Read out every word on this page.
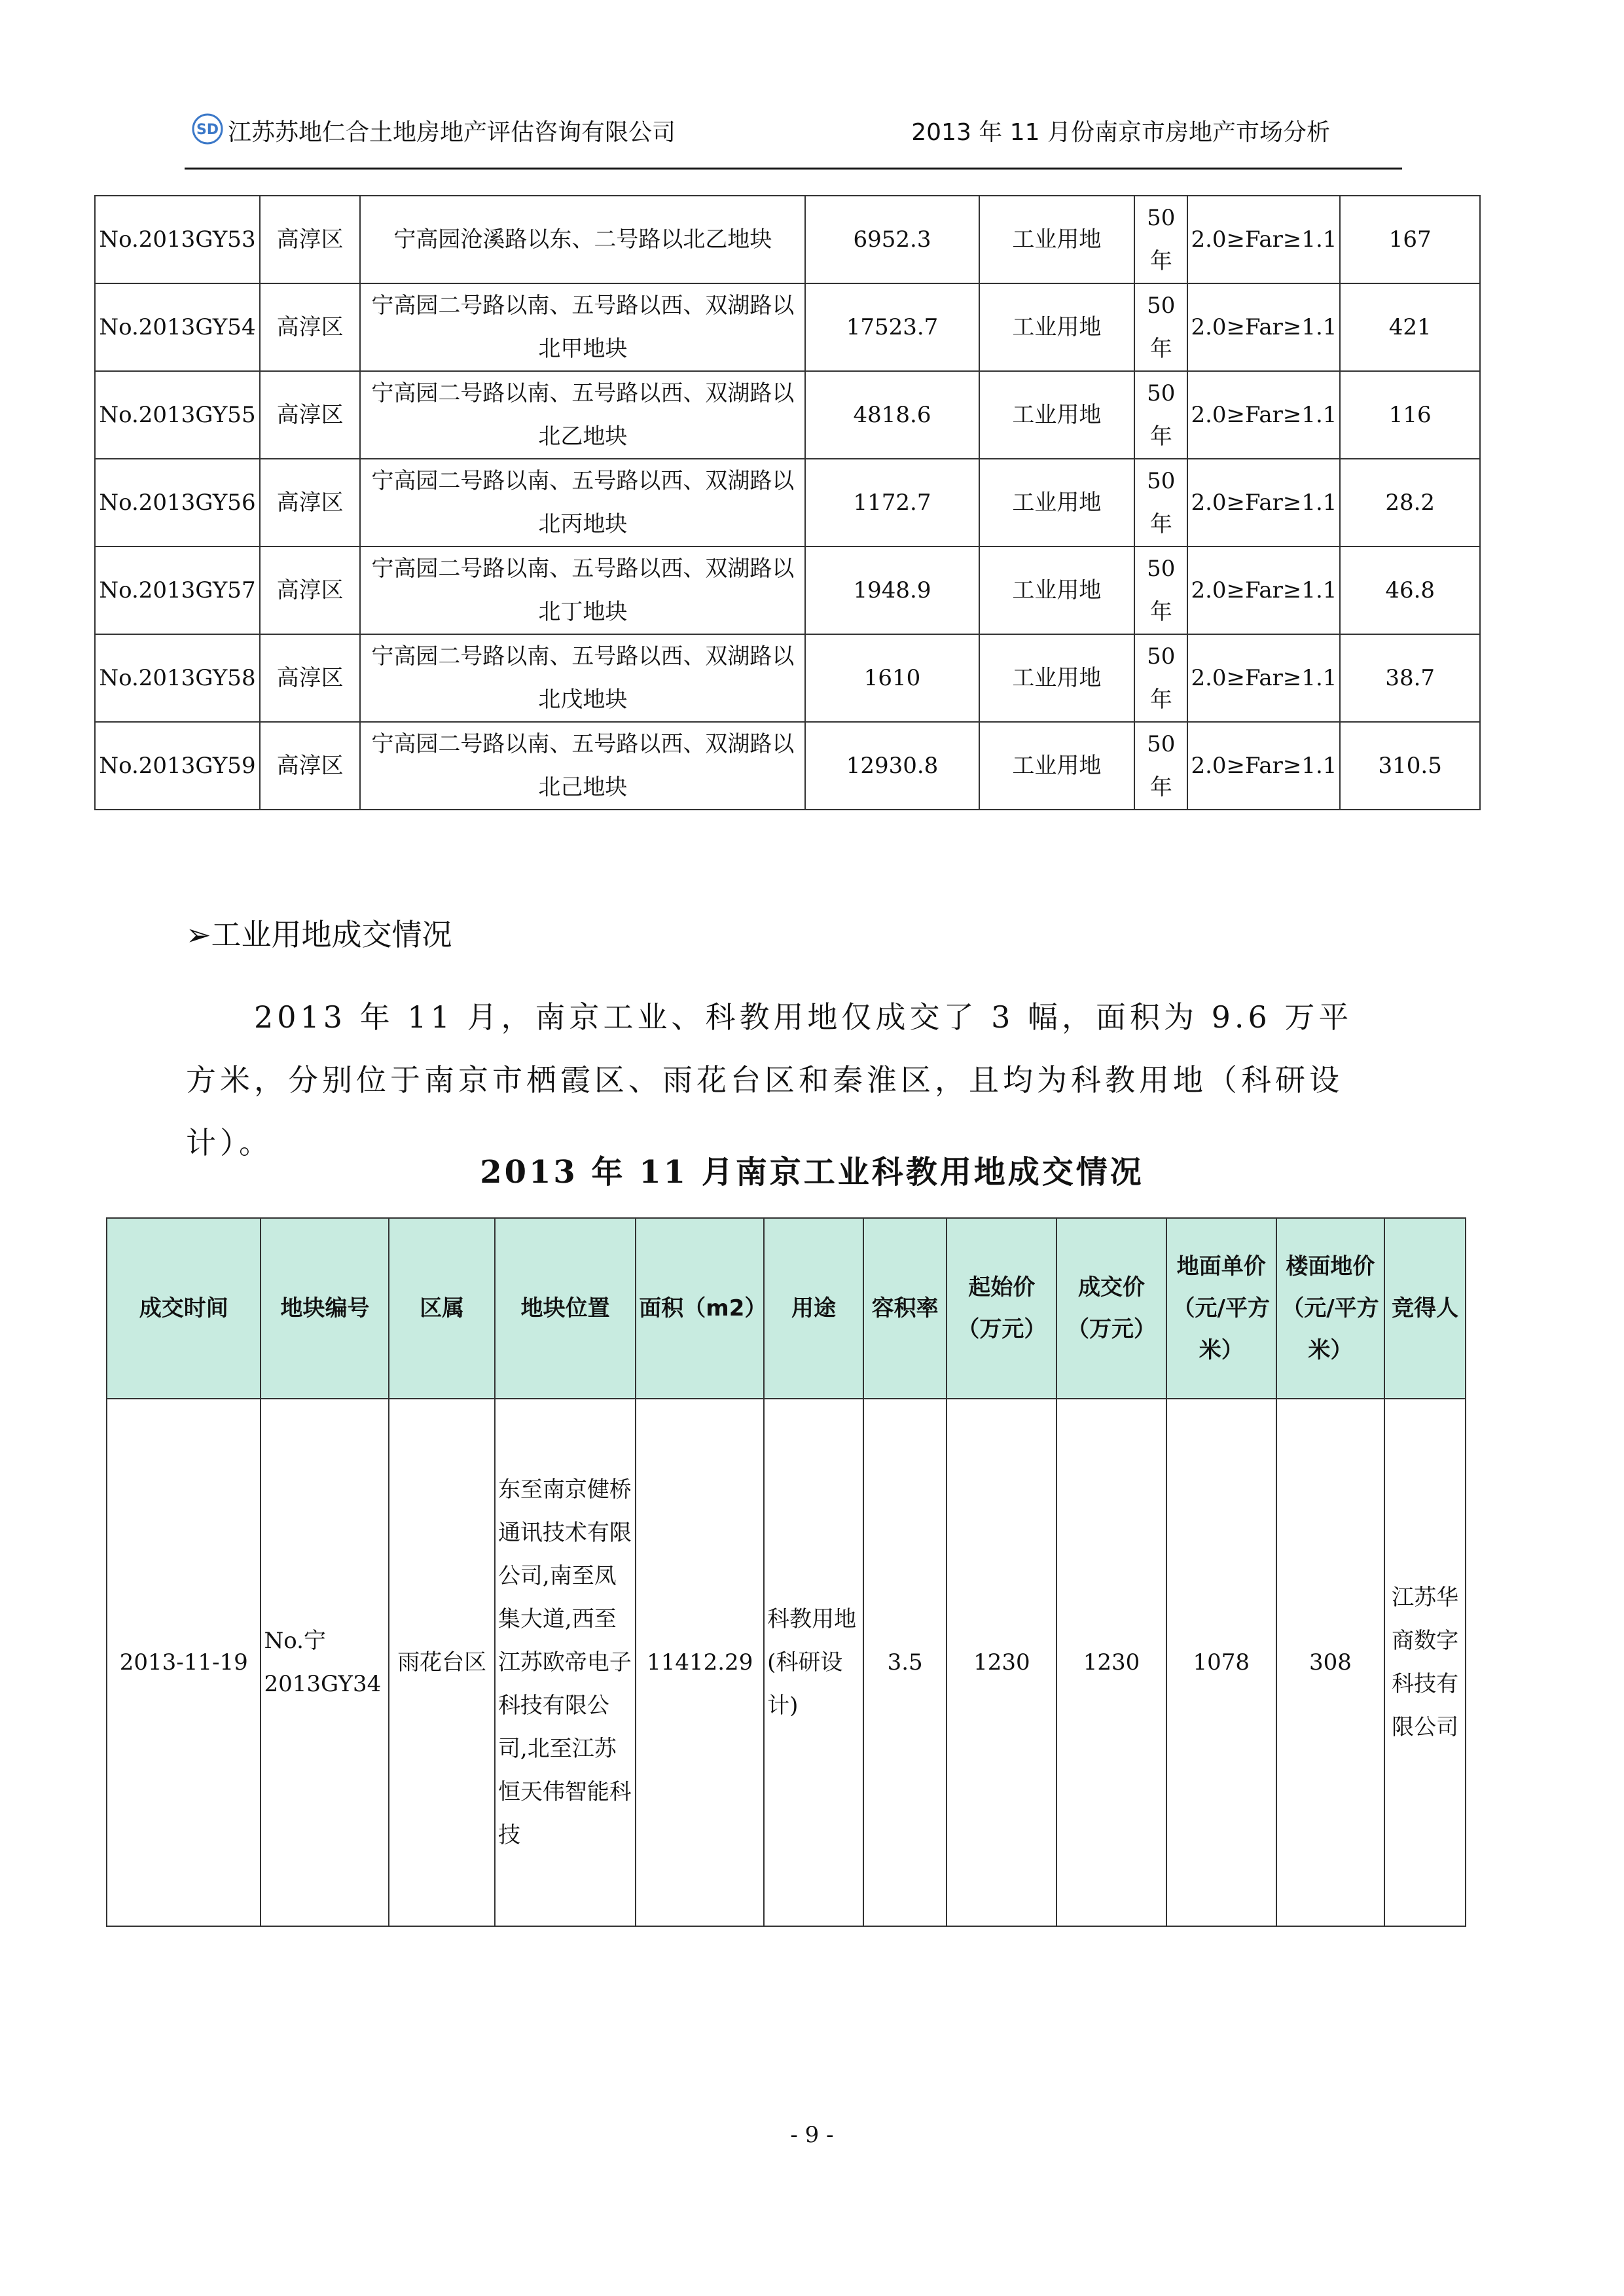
SD 江苏苏地仁合土地房地产评估咨询有限公司	2013 年 11 月份南京市房地产市场分析
No.2013GY53	高淳区	宁高园沧溪路以东、二号路以北乙地块	6952.3	工业用地	50年	2.0≥Far≥1.1	167
No.2013GY54	高淳区	宁高园二号路以南、五号路以西、双湖路以北甲地块	17523.7	工业用地	50年	2.0≥Far≥1.1	421
No.2013GY55	高淳区	宁高园二号路以南、五号路以西、双湖路以北乙地块	4818.6	工业用地	50年	2.0≥Far≥1.1	116
No.2013GY56	高淳区	宁高园二号路以南、五号路以西、双湖路以北丙地块	1172.7	工业用地	50年	2.0≥Far≥1.1	28.2
No.2013GY57	高淳区	宁高园二号路以南、五号路以西、双湖路以北丁地块	1948.9	工业用地	50年	2.0≥Far≥1.1	46.8
No.2013GY58	高淳区	宁高园二号路以南、五号路以西、双湖路以北戊地块	1610	工业用地	50年	2.0≥Far≥1.1	38.7
No.2013GY59	高淳区	宁高园二号路以南、五号路以西、双湖路以北己地块	12930.8	工业用地	50年	2.0≥Far≥1.1	310.5
➢工业用地成交情况
2013 年 11 月，南京工业、科教用地仅成交了 3 幅，面积为 9.6 万平方米，分别位于南京市栖霞区、雨花台区和秦淮区，且均为科教用地（科研设计）。
2013 年 11 月南京工业科教用地成交情况
成交时间	地块编号	区属	地块位置	面积（m2）	用途	容积率	起始价（万元）	成交价（万元）	地面单价（元/平方米）	楼面地价（元/平方米）	竞得人
2013-11-19	No.宁2013GY34	雨花台区	东至南京健桥通讯技术有限公司,南至凤集大道,西至江苏欧帝电子科技有限公司,北至江苏恒天伟智能科技	11412.29	科教用地(科研设计)	3.5	1230	1230	1078	308	江苏华商数字科技有限公司
- 9 -
